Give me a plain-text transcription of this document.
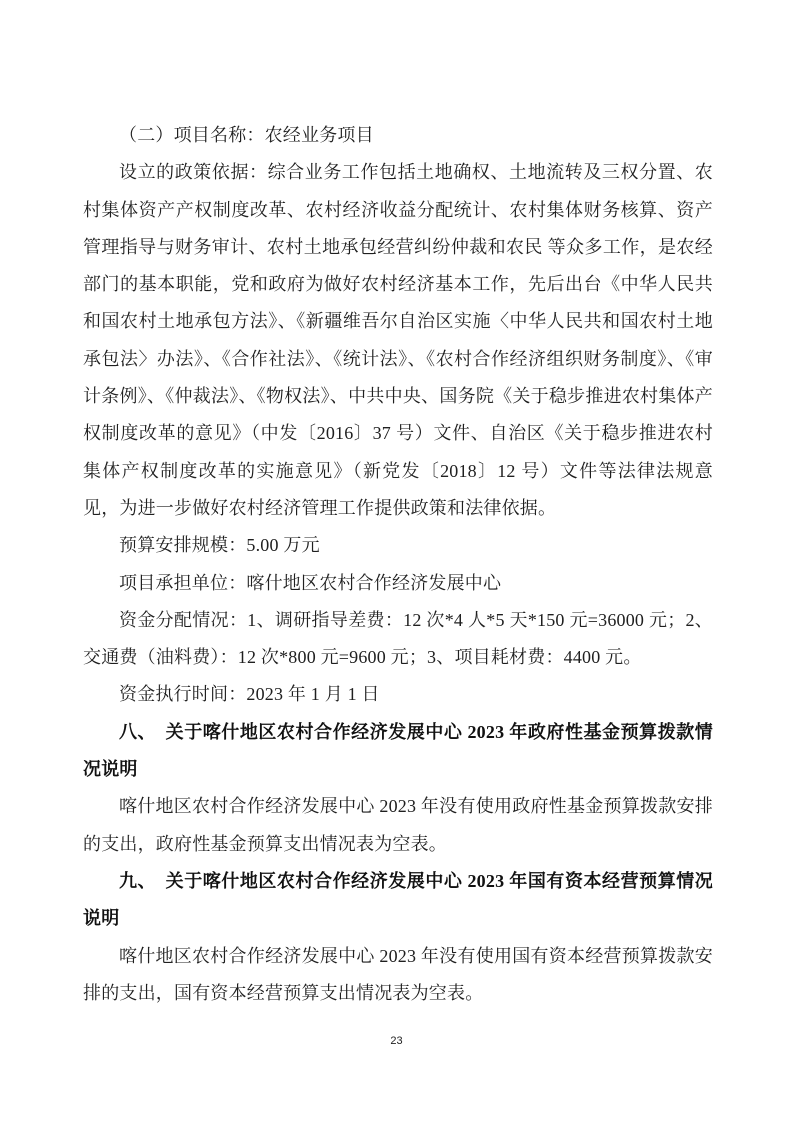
（二）项目名称：农经业务项目

设立的政策依据：综合业务工作包括土地确权、土地流转及三权分置、农村集体资产产权制度改革、农村经济收益分配统计、农村集体财务核算、资产管理指导与财务审计、农村土地承包经营纠纷仲裁和农民 等众多工作，是农经部门的基本职能，党和政府为做好农村经济基本工作，先后出台《中华人民共和国农村土地承包方法》、《新疆维吾尔自治区实施〈中华人民共和国农村土地承包法〉办法》、《合作社法》、《统计法》、《农村合作经济组织财务制度》、《审计条例》、《仲裁法》、《物权法》、中共中央、国务院《关于稳步推进农村集体产权制度改革的意见》（中发〔2016〕37 号）文件、自治区《关于稳步推进农村集体产权制度改革的实施意见》（新党发〔2018〕12 号）文件等法律法规意见，为进一步做好农村经济管理工作提供政策和法律依据。

预算安排规模：5.00 万元

项目承担单位：喀什地区农村合作经济发展中心

资金分配情况：1、调研指导差费：12 次*4 人*5 天*150 元=36000 元；2、交通费（油料费）：12 次*800 元=9600 元；3、项目耗材费：4400 元。

资金执行时间：2023 年 1 月 1 日

八、　关于喀什地区农村合作经济发展中心 2023 年政府性基金预算拨款情况说明

喀什地区农村合作经济发展中心 2023 年没有使用政府性基金预算拨款安排的支出，政府性基金预算支出情况表为空表。

九、　关于喀什地区农村合作经济发展中心 2023 年国有资本经营预算情况说明

喀什地区农村合作经济发展中心 2023 年没有使用国有资本经营预算拨款安排的支出，国有资本经营预算支出情况表为空表。

23
